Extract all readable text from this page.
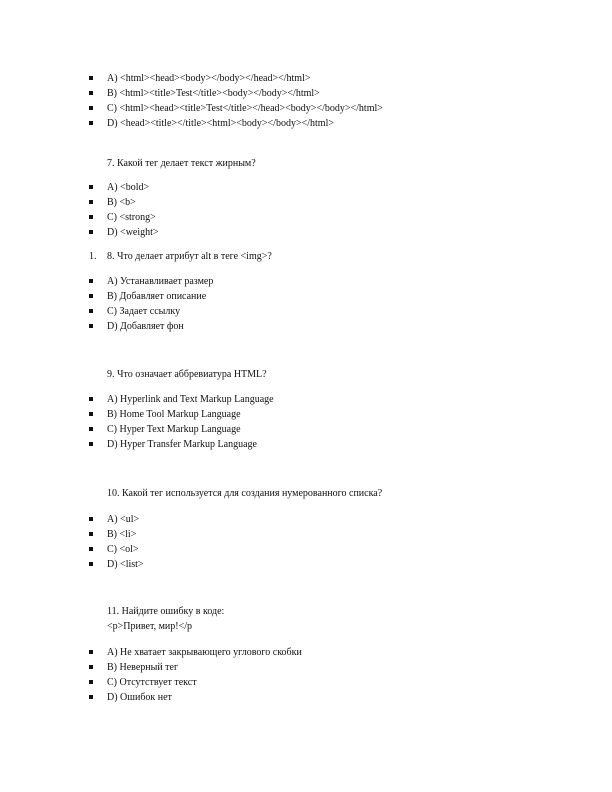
A) <html><head><body></body></head></html>
B) <html><title>Test</title><body></body></html>
C) <html><head><title>Test</title></head><body></body></html>
D) <head><title></title><html><body></body></html>
7. Какой тег делает текст жирным?
A) <bold>
B) <b>
C) <strong>
D) <weight>
1. 8. Что делает атрибут alt в теге <img>?
A) Устанавливает размер
B) Добавляет описание
C) Задает ссылку
D) Добавляет фон
9. Что означает аббревиатура HTML?
A) Hyperlink and Text Markup Language
B) Home Tool Markup Language
C) Hyper Text Markup Language
D) Hyper Transfer Markup Language
10. Какой тег используется для создания нумерованного списка?
A) <ul>
B) <li>
C) <ol>
D) <list>
11. Найдите ошибку в коде:
<p>Привет, мир!</p
A) Не хватает закрывающего углового скобки
B) Неверный тег
C) Отсутствует текст
D) Ошибок нет
